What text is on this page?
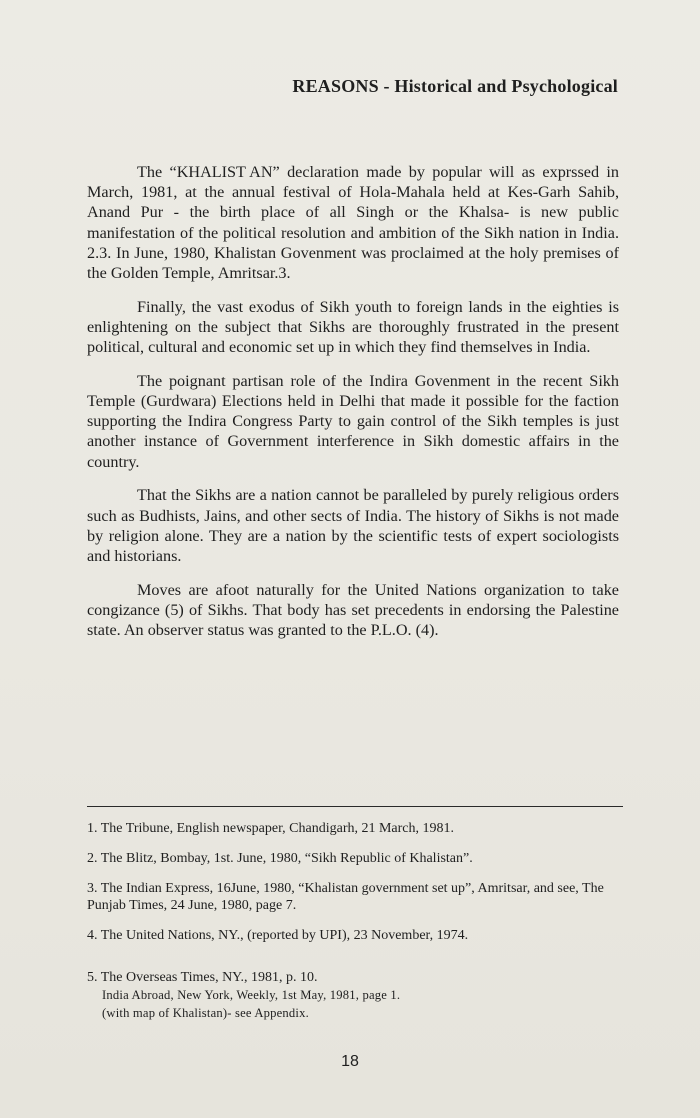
REASONS - Historical and Psychological

The “KHALIST AN” declaration made by popular will as exprssed in March, 1981, at the annual festival of Hola-Mahala held at Kes-Garh Sahib, Anand Pur - the birth place of all Singh or the Khalsa- is new public manifestation of the political resolution and ambition of the Sikh nation in India. 2.3. In June, 1980, Khalistan Govenment was proclaimed at the holy premises of the Golden Temple, Amritsar.3.

Finally, the vast exodus of Sikh youth to foreign lands in the eighties is enlightening on the subject that Sikhs are thoroughly frustrated in the present political, cultural and economic set up in which they find themselves in India.

The poignant partisan role of the Indira Govenment in the recent Sikh Temple (Gurdwara) Elections held in Delhi that made it possible for the faction supporting the Indira Congress Party to gain control of the Sikh temples is just another instance of Government interference in Sikh domestic affairs in the country.

That the Sikhs are a nation cannot be paralleled by purely religious orders such as Budhists, Jains, and other sects of India. The history of Sikhs is not made by religion alone. They are a nation by the scientific tests of expert sociologists and historians.

Moves are afoot naturally for the United Nations organization to take congizance (5) of Sikhs. That body has set precedents in endorsing the Palestine state. An observer status was granted to the P.L.O. (4).

1. The Tribune, English newspaper, Chandigarh, 21 March, 1981.
2. The Blitz, Bombay, 1st. June, 1980, “Sikh Republic of Khalistan”.
3. The Indian Express, 16June, 1980, “Khalistan government set up”, Amritsar, and see, The Punjab Times, 24 June, 1980, page 7.
4. The United Nations, NY., (reported by UPI), 23 November, 1974.
5. The Overseas Times, NY., 1981, p. 10.
India Abroad, New York, Weekly, 1st May, 1981, page 1.
(with map of Khalistan)- see Appendix.
18
